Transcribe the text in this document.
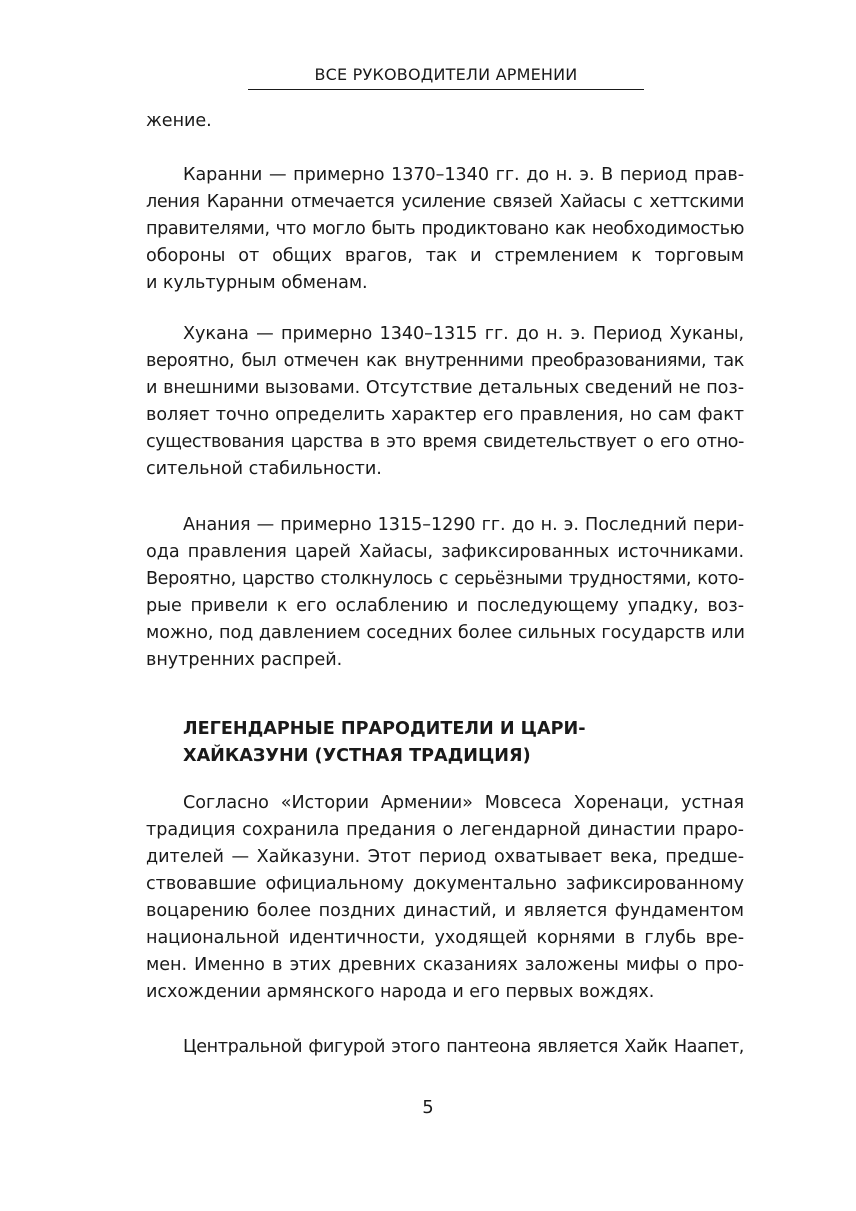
ВСЕ РУКОВОДИТЕЛИ АРМЕНИИ
жение.
Каранни — примерно 1370–1340 гг. до н. э. В период прав-
ления Каранни отмечается усиление связей Хайасы с хеттскими
правителями, что могло быть продиктовано как необходимостью
обороны от общих врагов, так и стремлением к торговым
и культурным обменам.
Хукана — примерно 1340–1315 гг. до н. э. Период Хуканы,
вероятно, был отмечен как внутренними преобразованиями, так
и внешними вызовами. Отсутствие детальных сведений не поз-
воляет точно определить характер его правления, но сам факт
существования царства в это время свидетельствует о его отно-
сительной стабильности.
Анания — примерно 1315–1290 гг. до н. э. Последний пери-
ода правления царей Хайасы, зафиксированных источниками.
Вероятно, царство столкнулось с серьёзными трудностями, кото-
рые привели к его ослаблению и последующему упадку, воз-
можно, под давлением соседних более сильных государств или
внутренних распрей.
ЛЕГЕНДАРНЫЕ ПРАРОДИТЕЛИ И ЦАРИ-
ХАЙКАЗУНИ (УСТНАЯ ТРАДИЦИЯ)
Согласно «Истории Армении» Мовсеса Хоренаци, устная
традиция сохранила предания о легендарной династии праро-
дителей — Хайказуни. Этот период охватывает века, предше-
ствовавшие официальному документально зафиксированному
воцарению более поздних династий, и является фундаментом
национальной идентичности, уходящей корнями в глубь вре-
мен. Именно в этих древних сказаниях заложены мифы о про-
исхождении армянского народа и его первых вождях.
Центральной фигурой этого пантеона является Хайк Наапет,
5
